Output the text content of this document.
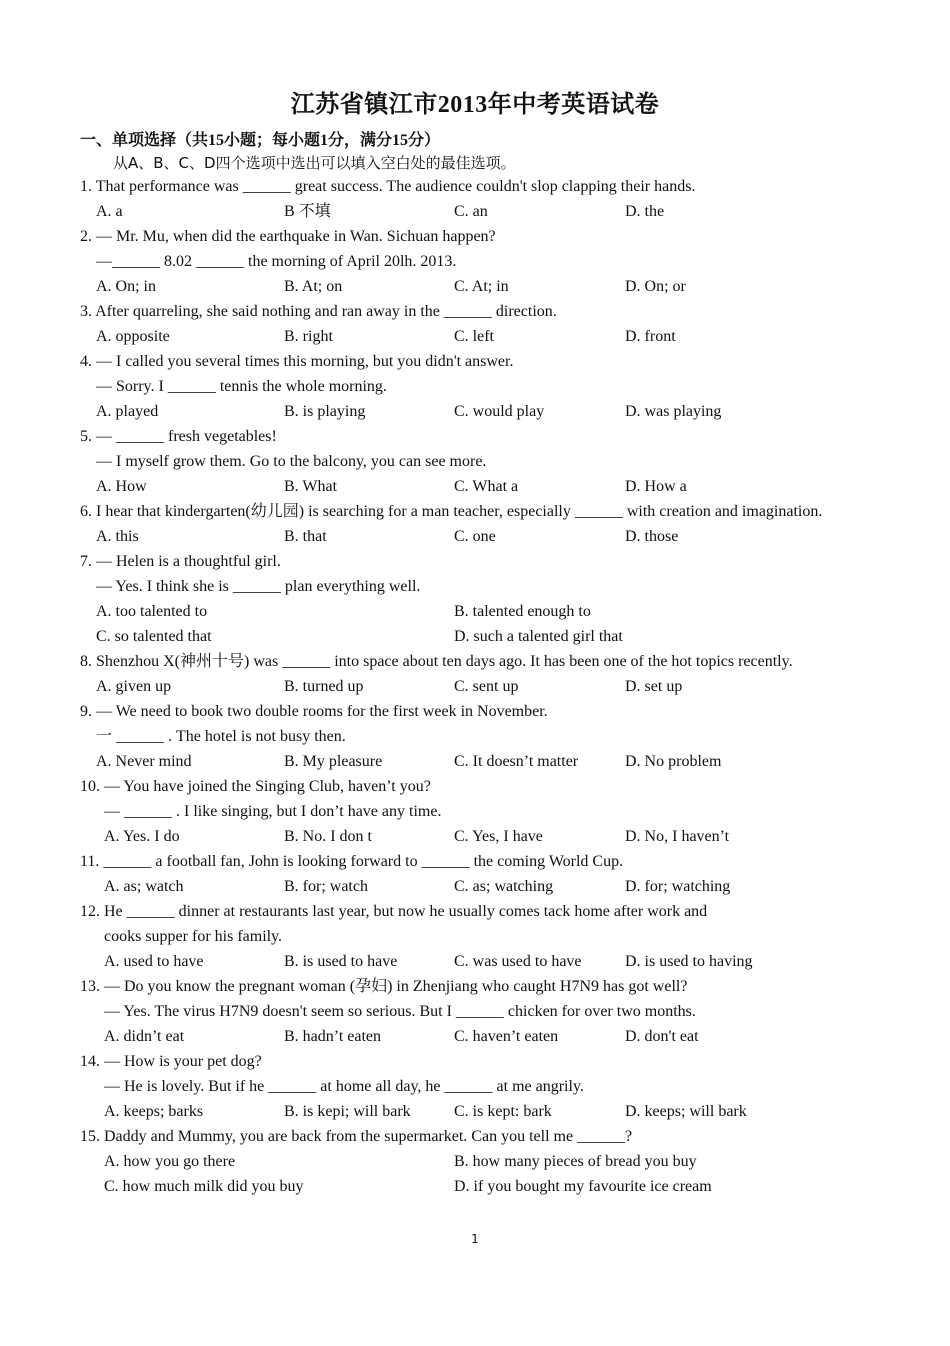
江苏省镇江市2013年中考英语试卷
一、单项选择（共15小题；每小题1分，满分15分）
从A、B、C、D四个选项中选出可以填入空白处的最佳选项。
1. That performance was ______ great success. The audience couldn't slop clapping their hands.
A. a	B 不填	C. an	D. the
2. — Mr. Mu, when did the earthquake in Wan. Sichuan happen?
—______ 8.02 ______ the morning of April 20lh. 2013.
A. On; in	B. At; on	C. At; in	D. On; or
3. After quarreling, she said nothing and ran away in the ______ direction.
A. opposite	B. right	C. left	D. front
4. — I called you several times this morning, but you didn't answer.
— Sorry. I ______ tennis the whole morning.
A. played	B. is playing	C. would play	D. was playing
5. — ______ fresh vegetables!
— I myself grow them. Go to the balcony, you can see more.
A. How	B. What	C. What a	D. How a
6. I hear that kindergarten(幼儿园) is searching for a man teacher, especially ______ with creation and imagination.
A. this	B. that	C. one	D. those
7. — Helen is a thoughtful girl.
— Yes. I think she is ______ plan everything well.
A. too talented to	B. talented enough to
C. so talented that	D. such a talented girl that
8. Shenzhou X(神州十号) was ______ into space about ten days ago. It has been one of the hot topics recently.
A. given up	B. turned up	C. sent up	D. set up
9. — We need to book two double rooms for the first week in November.
一 ______ . The hotel is not busy then.
A. Never mind	B. My pleasure	C. It doesn’t matter	D. No problem
10. — You have joined the Singing Club, haven’t you?
— ______ . I like singing, but I don’t have any time.
A. Yes. I do	B. No. I don t	C. Yes, I have	D. No, I haven’t
11. ______ a football fan, John is looking forward to ______ the coming World Cup.
A. as; watch	B. for; watch	C. as; watching	D. for; watching
12. He ______ dinner at restaurants last year, but now he usually comes tack home after work and
cooks supper for his family.
A. used to have	B. is used to have	C. was used to have	D. is used to having
13. — Do you know the pregnant woman (孕妇) in Zhenjiang who caught H7N9 has got well?
— Yes. The virus H7N9 doesn't seem so serious. But I ______ chicken for over two months.
A. didn’t eat	B. hadn’t eaten	C. haven’t eaten	D. don't eat
14. — How is your pet dog?
— He is lovely. But if he ______ at home all day, he ______ at me angrily.
A. keeps; barks	B. is kepi; will bark	C. is kept: bark	D. keeps; will bark
15. Daddy and Mummy, you are back from the supermarket. Can you tell me ______?
A. how you go there	B. how many pieces of bread you buy
C. how much milk did you buy	D. if you bought my favourite ice cream
1
